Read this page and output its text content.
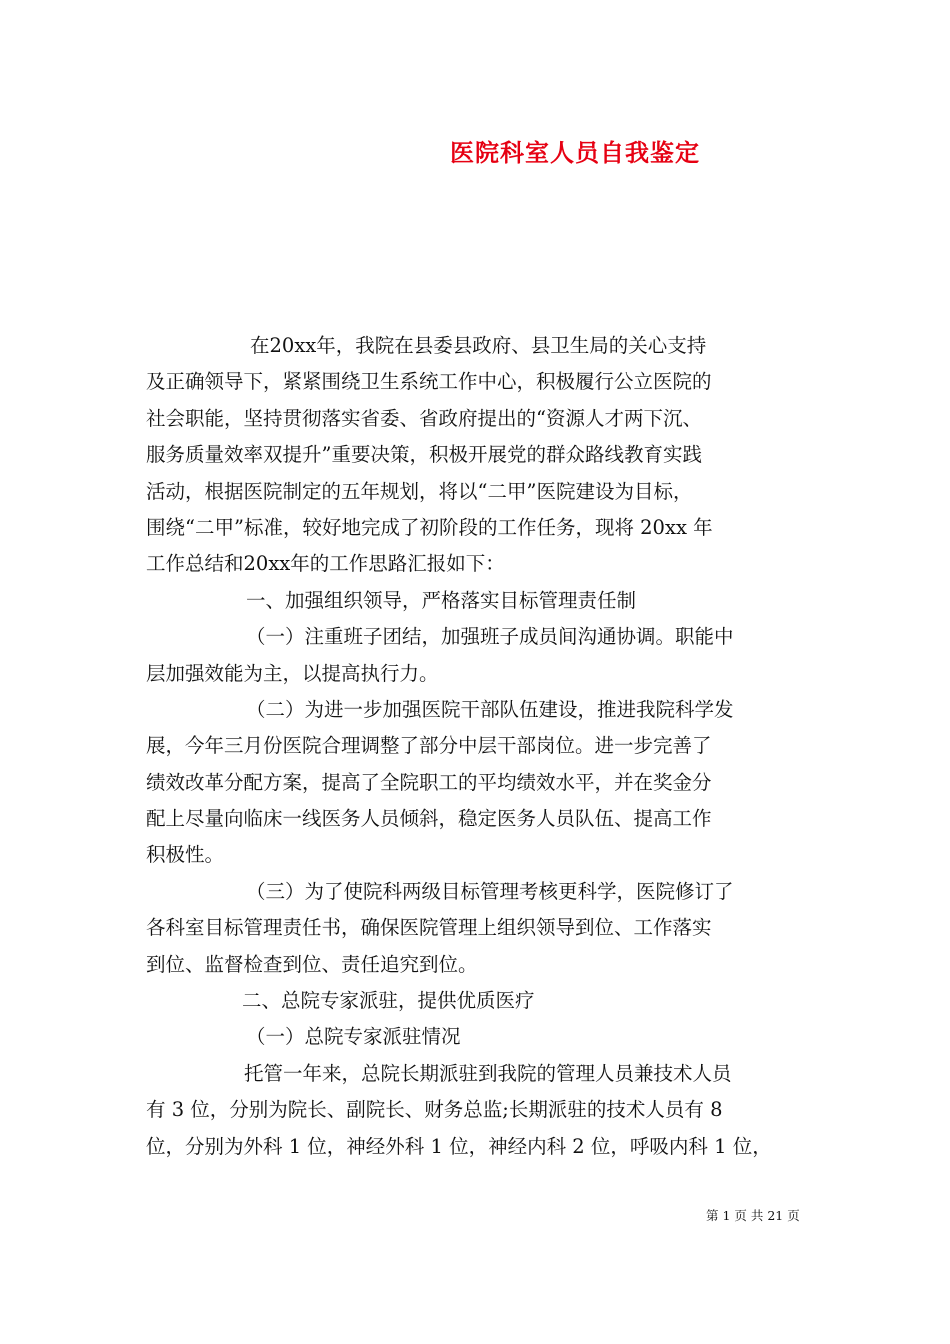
医院科室人员自我鉴定
在20xx年，我院在县委县政府、县卫生局的关心支持
及正确领导下，紧紧围绕卫生系统工作中心，积极履行公立医院的
社会职能，坚持贯彻落实省委、省政府提出的“资源人才两下沉、
服务质量效率双提升”重要决策，积极开展党的群众路线教育实践
活动，根据医院制定的五年规划，将以“二甲”医院建设为目标，
围绕“二甲”标准，较好地完成了初阶段的工作任务，现将 20xx 年
工作总结和20xx年的工作思路汇报如下：
一、加强组织领导，严格落实目标管理责任制
（一）注重班子团结，加强班子成员间沟通协调。职能中
层加强效能为主，以提高执行力。
（二）为进一步加强医院干部队伍建设，推进我院科学发
展，今年三月份医院合理调整了部分中层干部岗位。进一步完善了
绩效改革分配方案，提高了全院职工的平均绩效水平，并在奖金分
配上尽量向临床一线医务人员倾斜，稳定医务人员队伍、提高工作
积极性。
（三）为了使院科两级目标管理考核更科学，医院修订了
各科室目标管理责任书，确保医院管理上组织领导到位、工作落实
到位、监督检查到位、责任追究到位。
二、总院专家派驻，提供优质医疗
（一）总院专家派驻情况
托管一年来，总院长期派驻到我院的管理人员兼技术人员
有 3 位，分别为院长、副院长、财务总监;长期派驻的技术人员有 8
位，分别为外科 1 位，神经外科 1 位，神经内科 2 位，呼吸内科 1 位，
第 1 页 共 21 页
